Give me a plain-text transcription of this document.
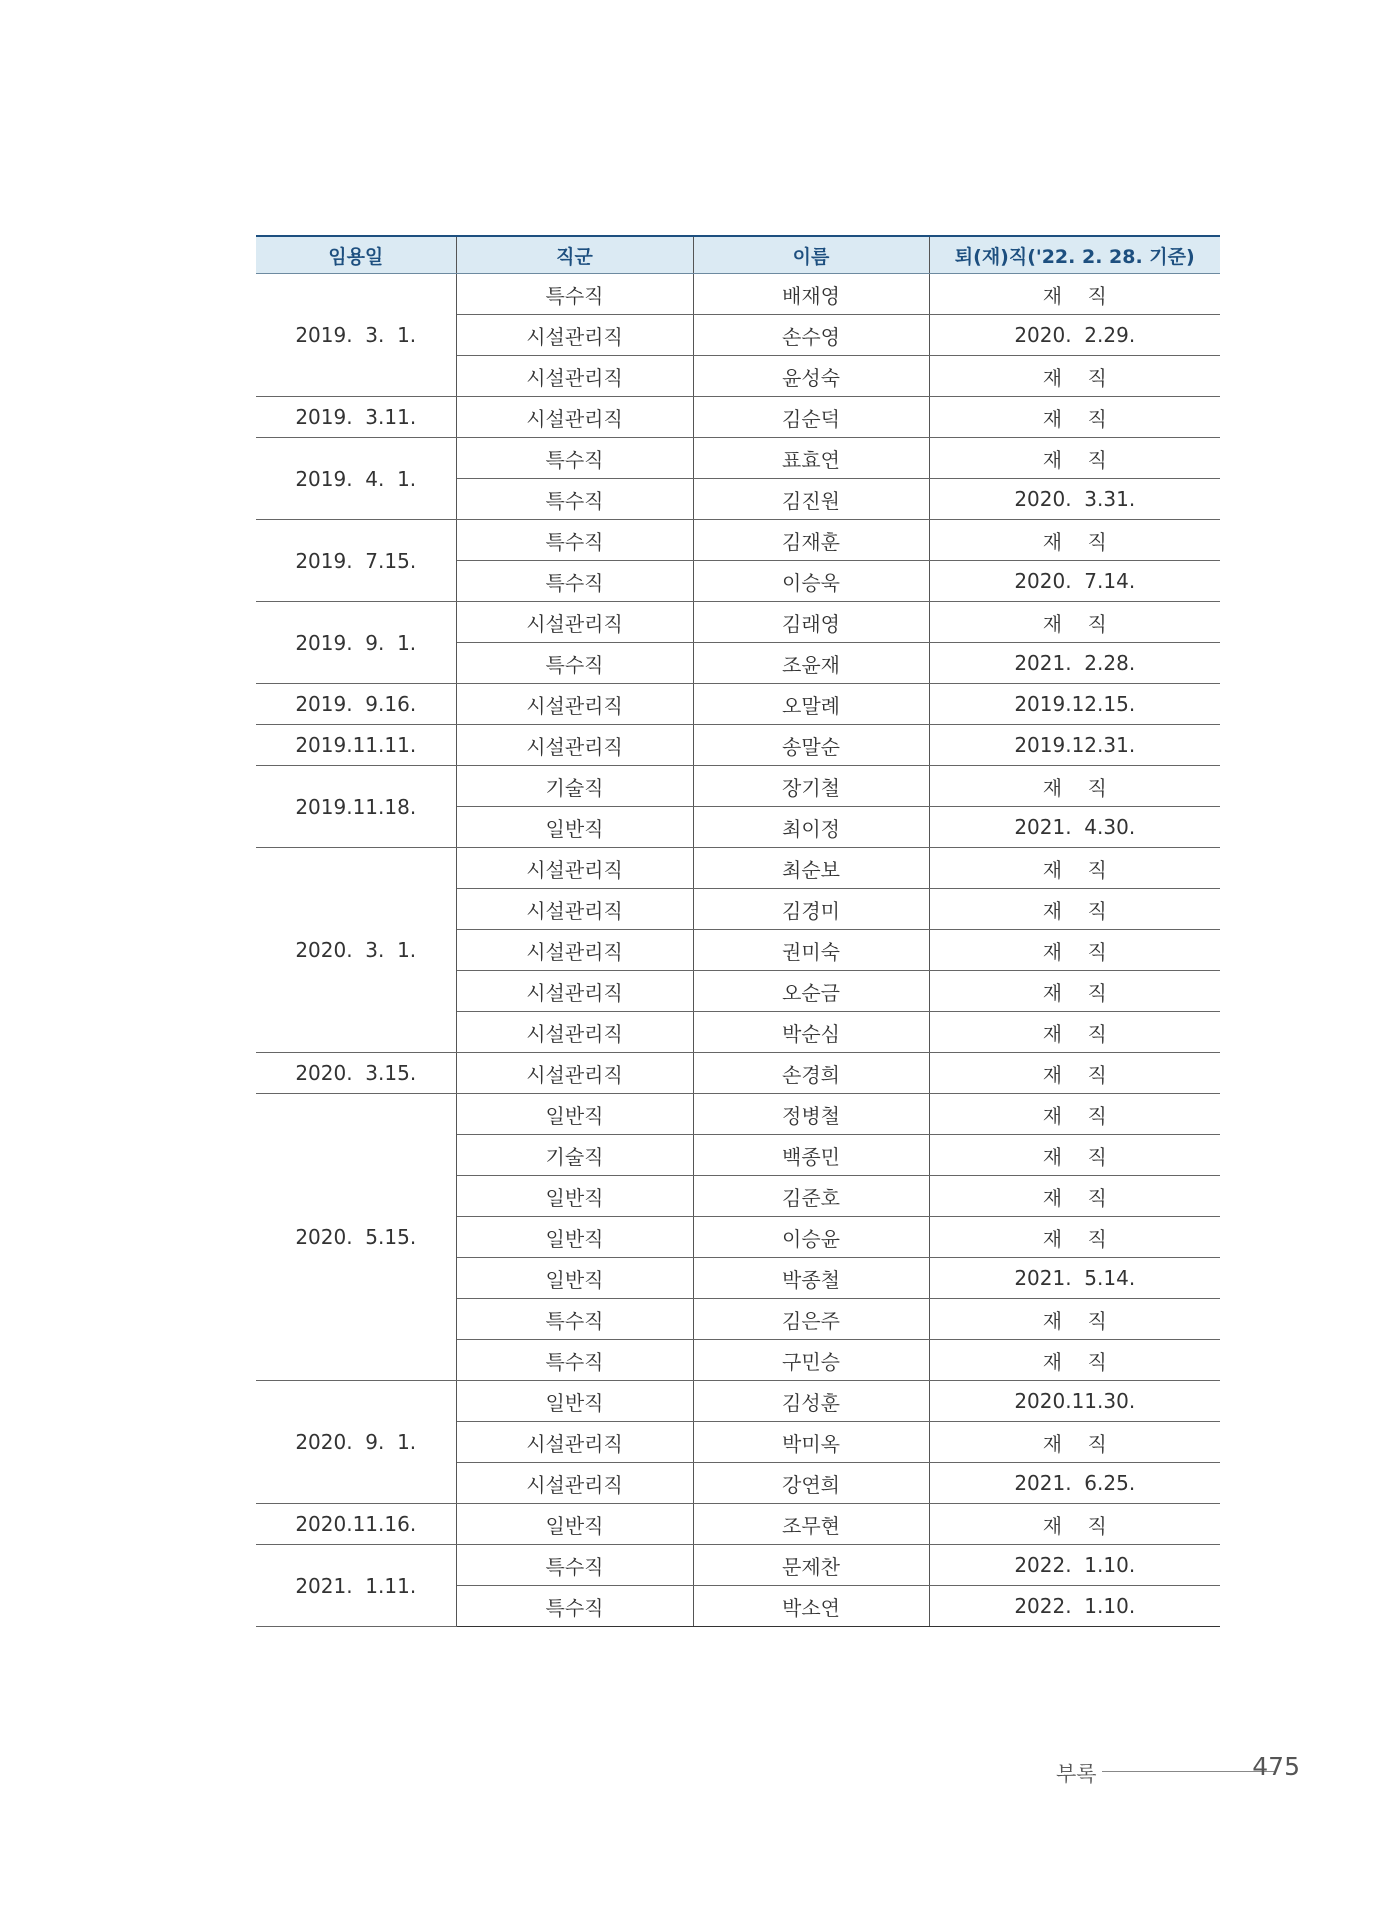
임용일	직군	이름	퇴(재)직('22. 2. 28. 기준)
2019.  3.  1.	특수직	배재영	재    직
	시설관리직	손수영	2020.  2.29.
	시설관리직	윤성숙	재    직
2019.  3.11.	시설관리직	김순덕	재    직
2019.  4.  1.	특수직	표효연	재    직
	특수직	김진원	2020.  3.31.
2019.  7.15.	특수직	김재훈	재    직
	특수직	이승욱	2020.  7.14.
2019.  9.  1.	시설관리직	김래영	재    직
	특수직	조윤재	2021.  2.28.
2019.  9.16.	시설관리직	오말례	2019.12.15.
2019.11.11.	시설관리직	송말순	2019.12.31.
2019.11.18.	기술직	장기철	재    직
	일반직	최이정	2021.  4.30.
2020.  3.  1.	시설관리직	최순보	재    직
	시설관리직	김경미	재    직
	시설관리직	권미숙	재    직
	시설관리직	오순금	재    직
	시설관리직	박순심	재    직
2020.  3.15.	시설관리직	손경희	재    직
2020.  5.15.	일반직	정병철	재    직
	기술직	백종민	재    직
	일반직	김준호	재    직
	일반직	이승윤	재    직
	일반직	박종철	2021.  5.14.
	특수직	김은주	재    직
	특수직	구민승	재    직
2020.  9.  1.	일반직	김성훈	2020.11.30.
	시설관리직	박미옥	재    직
	시설관리직	강연희	2021.  6.25.
2020.11.16.	일반직	조무현	재    직
2021.  1.11.	특수직	문제찬	2022.  1.10.
	특수직	박소연	2022.  1.10.
부록	475
